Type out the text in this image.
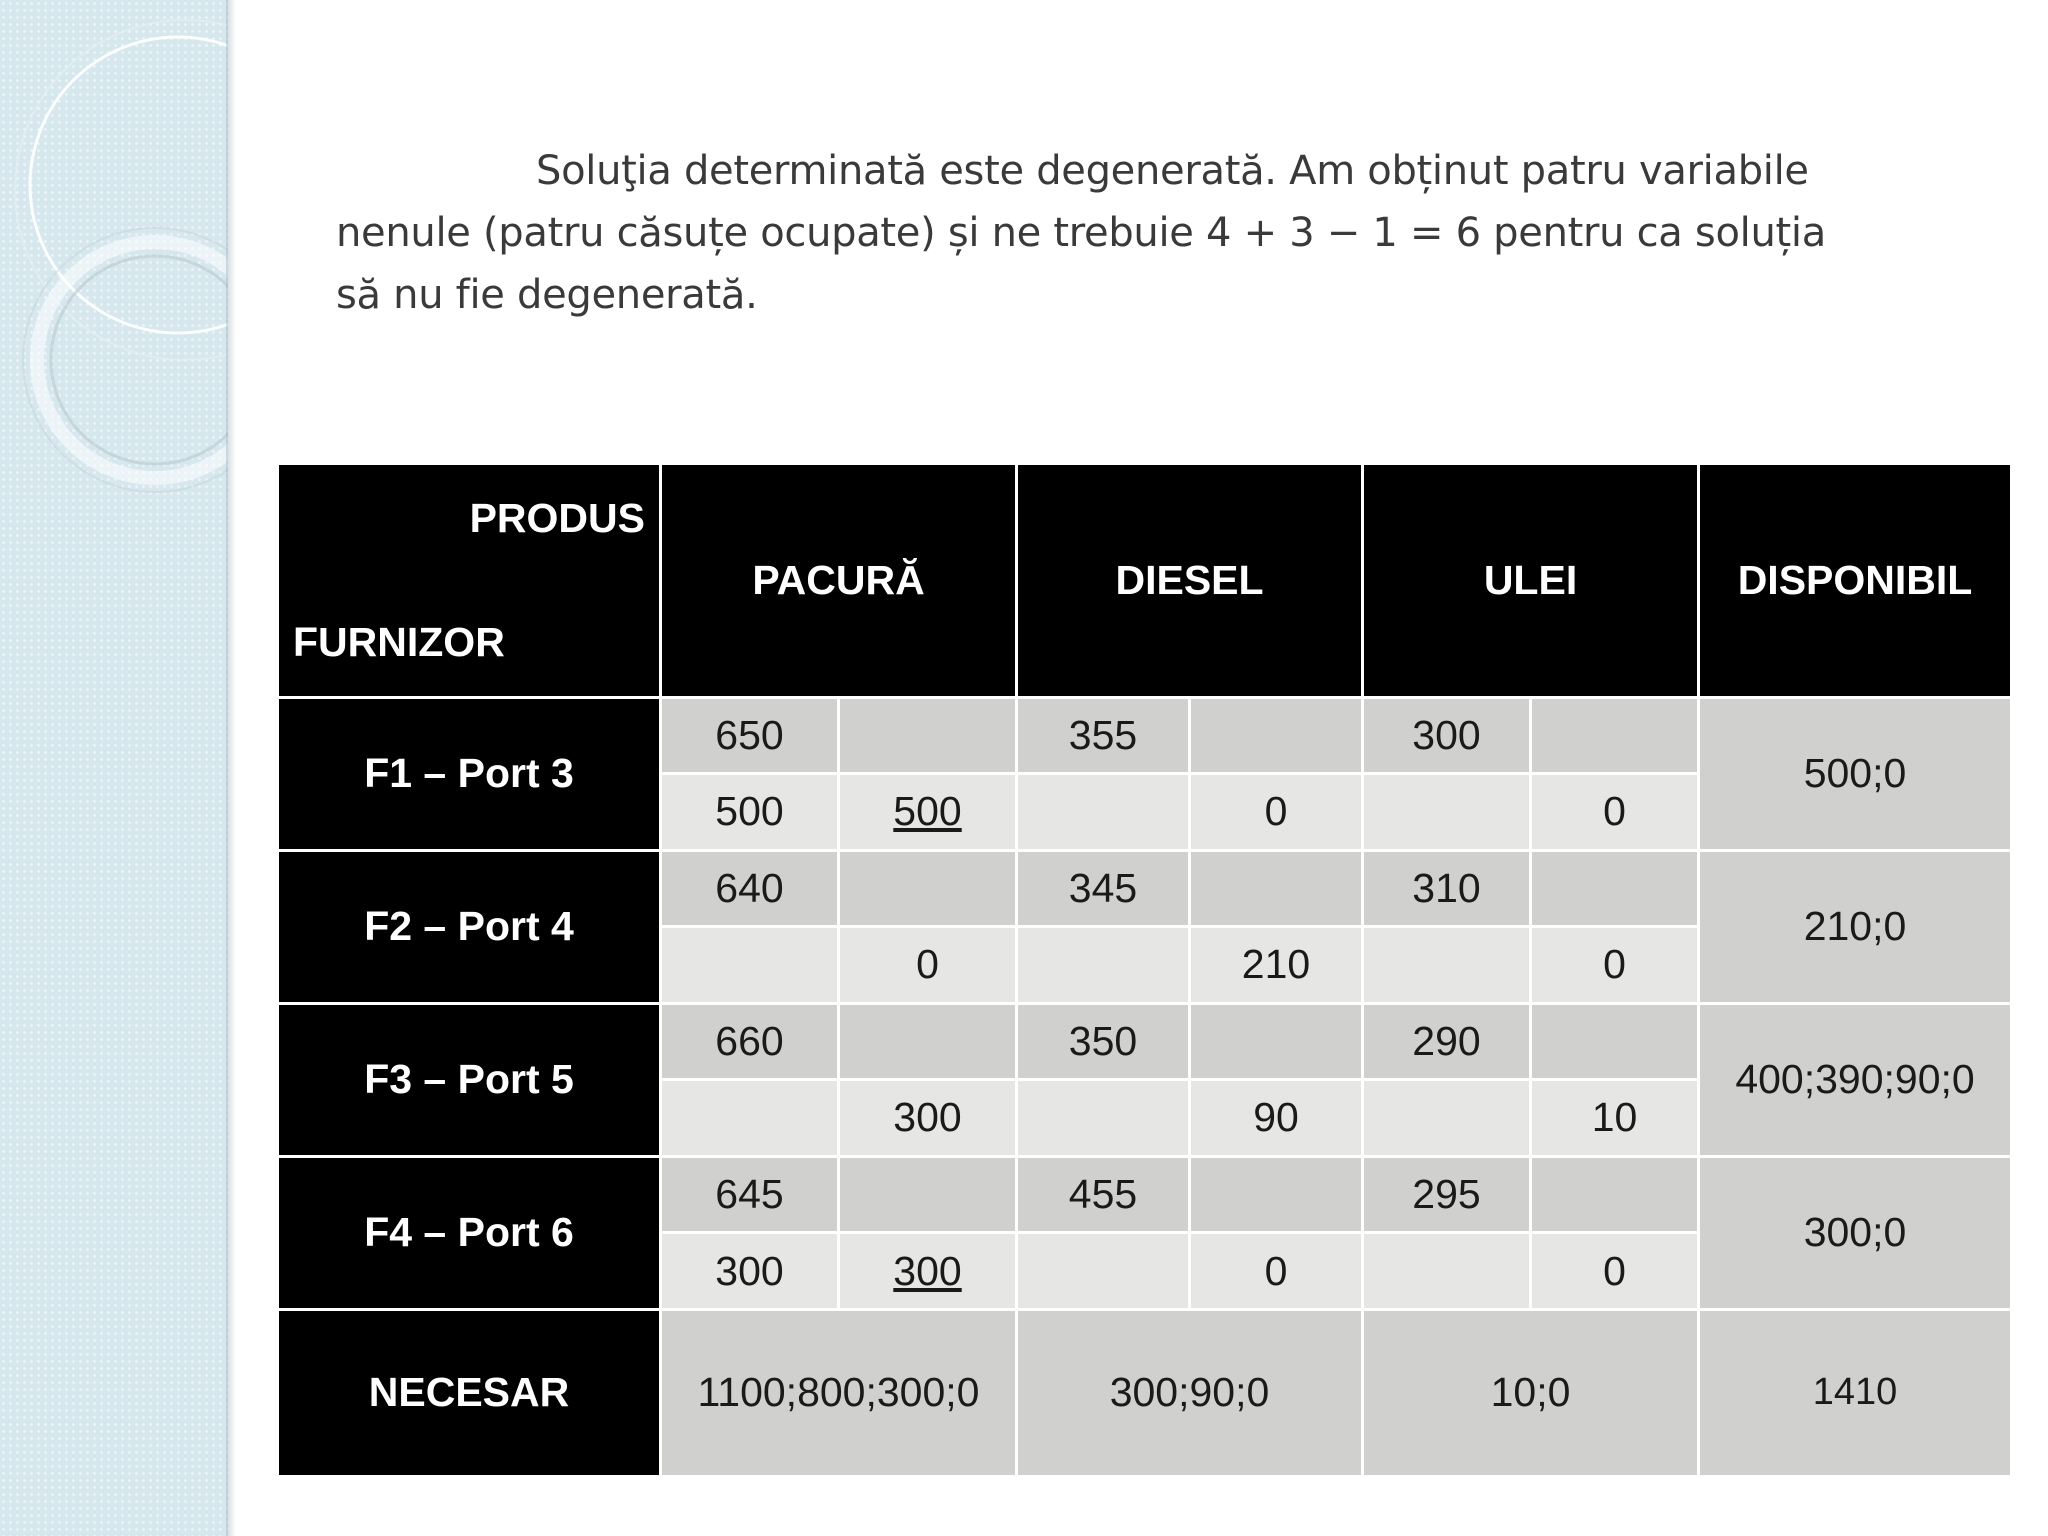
Soluţia determinată este degenerată. Am obținut patru variabile
nenule (patru căsuțe ocupate) și ne trebuie 4 + 3 − 1 = 6 pentru ca soluția
să nu fie degenerată.
PRODUS
FURNIZOR	PACURĂ		DIESEL		ULEI		DISPONIBIL
F1 – Port 3	650		355		300		500;0
	500	500		0		0	
F2 – Port 4	640		345		310		210;0
		0		210		0	
F3 – Port 5	660		350		290		400;390;90;0
		300		90		10	
F4 – Port 6	645		455		295		300;0
	300	300		0		0	
NECESAR	1100;800;300;0		300;90;0		10;0		1410
